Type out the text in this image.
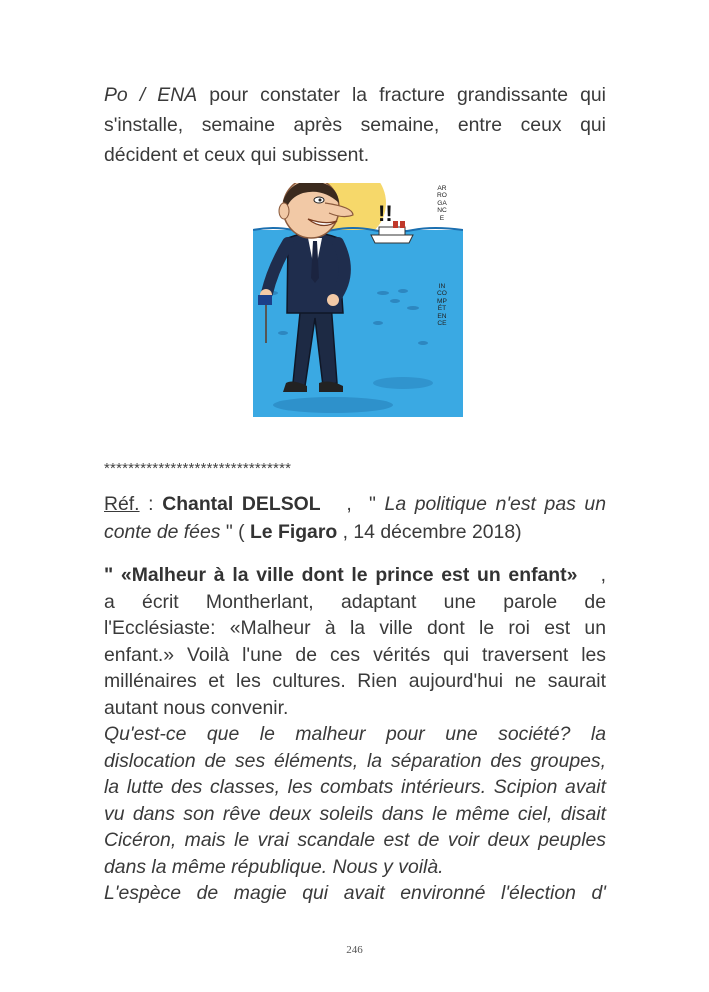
Po / ENA pour constater la fracture grandissante qui
s'installe, semaine après semaine, entre ceux qui
décident et ceux qui subissent.
!!
ARROGANCE
INCOMPÉTENCE
*******************************
Réf. : Chantal DELSOL   ,  " La politique n'est pas un
conte de fées " ( Le Figaro , 14 décembre 2018)
" «Malheur à la ville dont le prince est un enfant»   ,
a écrit Montherlant, adaptant une parole de
l'Ecclésiaste: «Malheur à la ville dont le roi est un
enfant.» Voilà l'une de ces vérités qui traversent les
millénaires et les cultures. Rien aujourd'hui ne saurait
autant nous convenir.
Qu'est-ce que le malheur pour une société? la
dislocation de ses éléments, la séparation des groupes,
la lutte des classes, les combats intérieurs. Scipion avait
vu dans son rêve deux soleils dans le même ciel, disait
Cicéron, mais le vrai scandale est de voir deux peuples
dans la même république. Nous y voilà.
L'espèce de magie qui avait environné l'élection d'
246
